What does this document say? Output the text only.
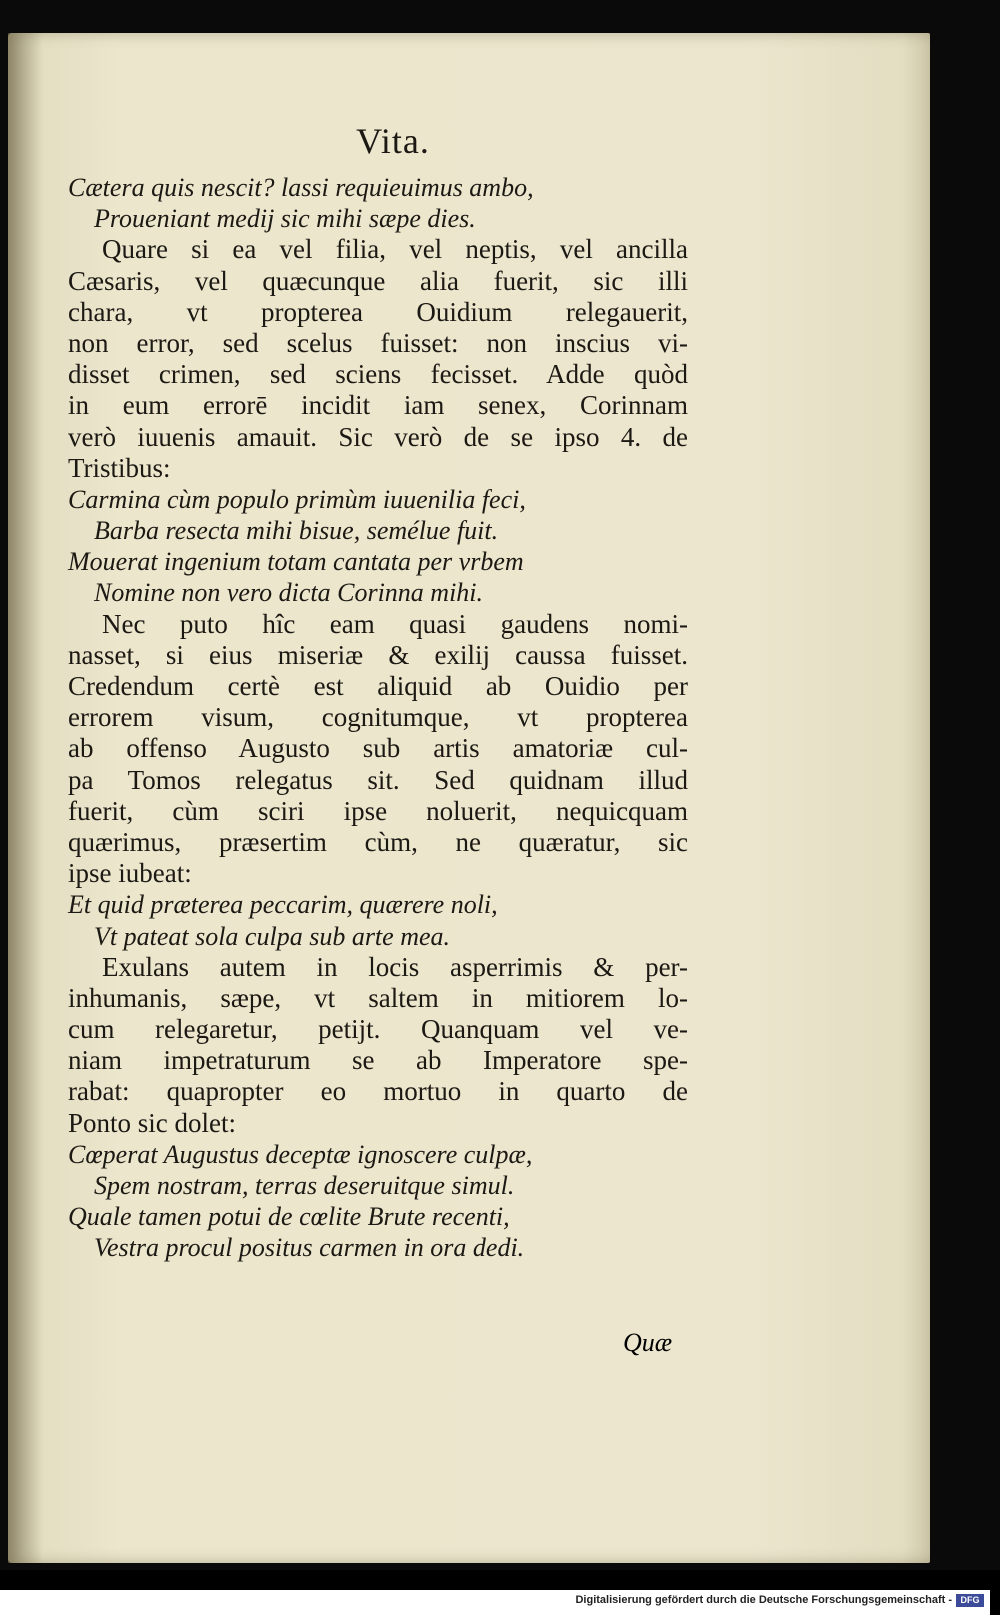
Vita.
Cætera quis nescit? lassi requieuimus ambo,
Proueniant medij sic mihi sæpe dies.
Quare si ea vel filia, vel neptis, vel ancilla
Cæsaris, vel quæcunque alia fuerit, sic illi
chara, vt propterea Ouidium relegauerit,
non error, sed scelus fuisset: non inscius vi-
disset crimen, sed sciens fecisset. Adde quòd
in eum errorē incidit iam senex, Corinnam
verò iuuenis amauit. Sic verò de se ipso 4. de
Tristibus:
Carmina cùm populo primùm iuuenilia feci,
Barba resecta mihi bisue, semélue fuit.
Mouerat ingenium totam cantata per vrbem
Nomine non vero dicta Corinna mihi.
Nec puto hîc eam quasi gaudens nomi-
nasset, si eius miseriæ & exilij caussa fuisset.
Credendum certè est aliquid ab Ouidio per
errorem visum, cognitumque, vt propterea
ab offenso Augusto sub artis amatoriæ cul-
pa Tomos relegatus sit. Sed quidnam illud
fuerit, cùm sciri ipse noluerit, nequicquam
quærimus, præsertim cùm, ne quæratur, sic
ipse iubeat:
Et quid præterea peccarim, quærere noli,
Vt pateat sola culpa sub arte mea.
Exulans autem in locis asperrimis & per-
inhumanis, sæpe, vt saltem in mitiorem lo-
cum relegaretur, petijt. Quanquam vel ve-
niam impetraturum se ab Imperatore spe-
rabat: quapropter eo mortuo in quarto de
Ponto sic dolet:
Cœperat Augustus deceptæ ignoscere culpæ,
Spem nostram, terras deseruitque simul.
Quale tamen potui de cœlite Brute recenti,
Vestra procul positus carmen in ora dedi.
Quæ
Digitalisierung gefördert durch die Deutsche Forschungsgemeinschaft - DFG
